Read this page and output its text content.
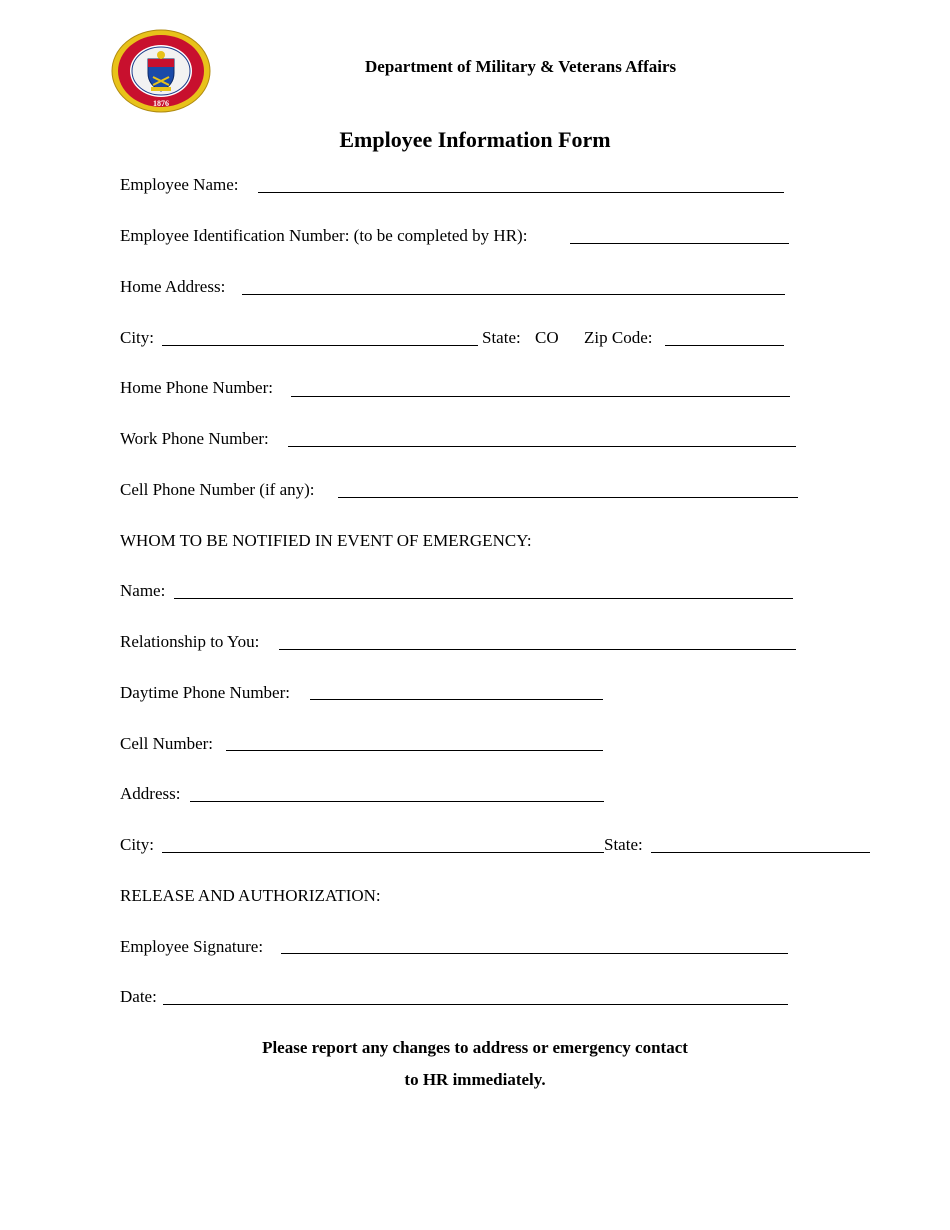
1876
Department of Military & Veterans Affairs
Employee Information Form
Employee Name:
Employee Identification Number: (to be completed by HR):
Home Address:
City:	State: CO Zip Code:
Home Phone Number:
Work Phone Number:
Cell Phone Number (if any):
WHOM TO BE NOTIFIED IN EVENT OF EMERGENCY:
Name:
Relationship to You:
Daytime Phone Number:
Cell Number:
Address:
City:	State:
RELEASE AND AUTHORIZATION:
Employee Signature:
Date:
Please report any changes to address or emergency contact
to HR immediately.
